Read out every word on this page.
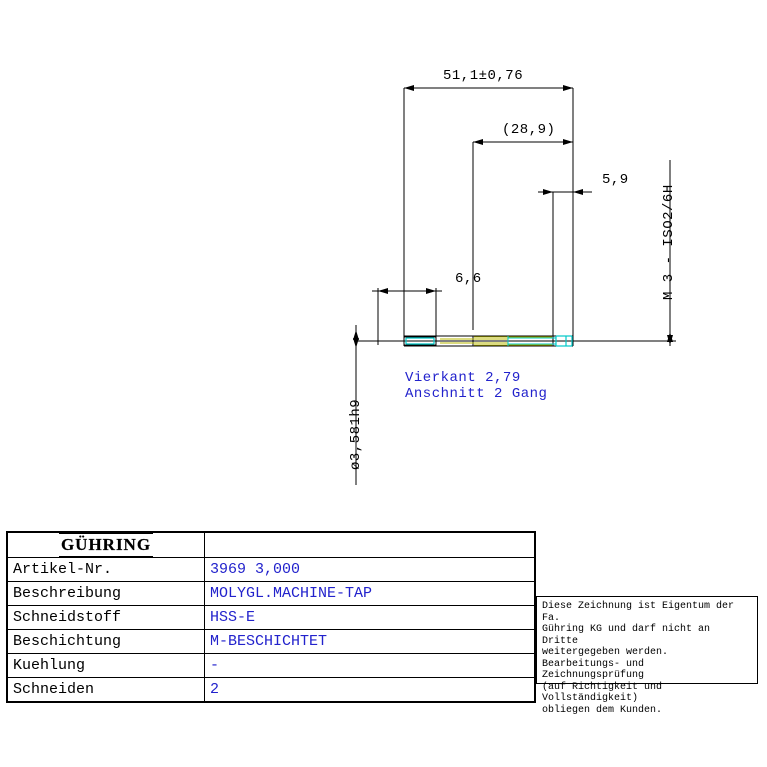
51,1±0,76
(28,9)
5,9
6,6
ø3,581h9
M 3 - ISO2/6H
Vierkant 2,79
Anschnitt 2 Gang
GÜHRING	

Artikel-Nr.	3969 3,000
Beschreibung	MOLYGL.MACHINE-TAP
Schneidstoff	HSS-E
Beschichtung	M-BESCHICHTET
Kuehlung	-
Schneiden	2
Diese Zeichnung ist Eigentum der Fa.
Gühring KG und darf nicht an Dritte
weitergegeben werden.
Bearbeitungs- und Zeichnungsprüfung
(auf Richtigkeit und Vollständigkeit)
obliegen dem Kunden.
